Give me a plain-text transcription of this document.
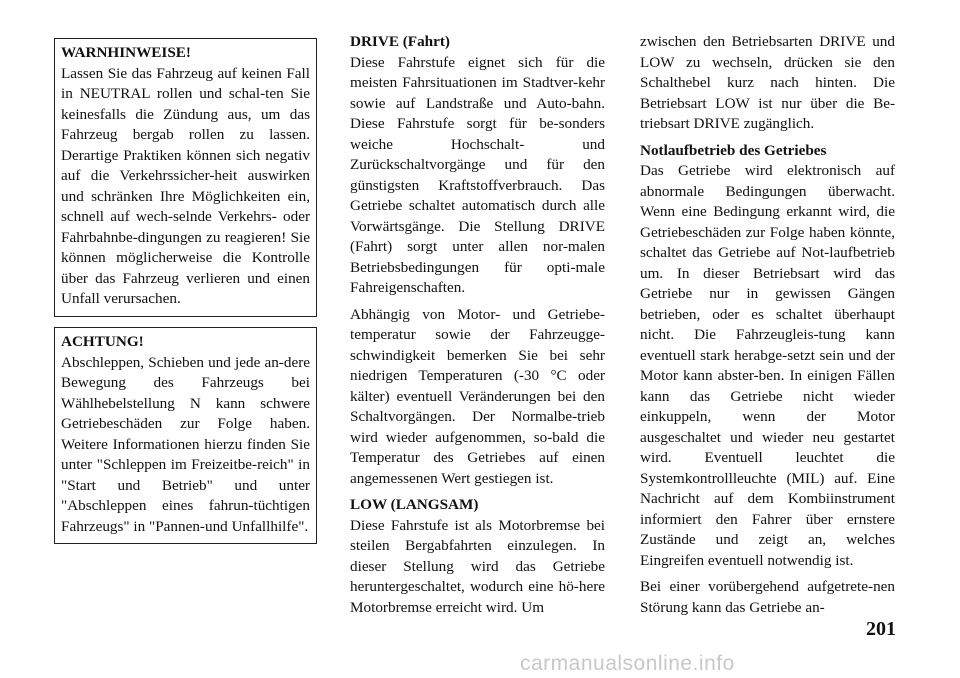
WARNHINWEISE!

Lassen Sie das Fahrzeug auf keinen Fall in NEUTRAL rollen und schal-ten Sie keinesfalls die Zündung aus, um das Fahrzeug bergab rollen zu lassen. Derartige Praktiken können sich negativ auf die Verkehrssicher-heit auswirken und schränken Ihre Möglichkeiten ein, schnell auf wech-selnde Verkehrs- oder Fahrbahnbe-dingungen zu reagieren! Sie können möglicherweise die Kontrolle über das Fahrzeug verlieren und einen Unfall verursachen.

ACHTUNG!

Abschleppen, Schieben und jede an-dere Bewegung des Fahrzeugs bei Wählhebelstellung N kann schwere Getriebeschäden zur Folge haben. Weitere Informationen hierzu finden Sie unter "Schleppen im Freizeitbe-reich" in "Start und Betrieb" und unter "Abschleppen eines fahrun-tüchtigen Fahrzeugs" in "Pannen-und Unfallhilfe".

DRIVE (Fahrt)

Diese Fahrstufe eignet sich für die meisten Fahrsituationen im Stadtver-kehr sowie auf Landstraße und Auto-bahn. Diese Fahrstufe sorgt für be-sonders weiche Hochschalt- und Zurückschaltvorgänge und für den günstigsten Kraftstoffverbrauch. Das Getriebe schaltet automatisch durch alle Vorwärtsgänge. Die Stellung DRIVE (Fahrt) sorgt unter allen nor-malen Betriebsbedingungen für opti-male Fahreigenschaften.

Abhängig von Motor- und Getriebe-temperatur sowie der Fahrzeugge-schwindigkeit bemerken Sie bei sehr niedrigen Temperaturen (-30 °C oder kälter) eventuell Veränderungen bei den Schaltvorgängen. Der Normalbe-trieb wird wieder aufgenommen, so-bald die Temperatur des Getriebes auf einen angemessenen Wert gestiegen ist.

LOW (LANGSAM)

Diese Fahrstufe ist als Motorbremse bei steilen Bergabfahrten einzulegen. In dieser Stellung wird das Getriebe heruntergeschaltet, wodurch eine hö-here Motorbremse erreicht wird. Um

zwischen den Betriebsarten DRIVE und LOW zu wechseln, drücken sie den Schalthebel kurz nach hinten. Die Betriebsart LOW ist nur über die Be-triebsart DRIVE zugänglich.

Notlaufbetrieb des Getriebes

Das Getriebe wird elektronisch auf abnormale Bedingungen überwacht. Wenn eine Bedingung erkannt wird, die Getriebeschäden zur Folge haben könnte, schaltet das Getriebe auf Not-laufbetrieb um. In dieser Betriebsart wird das Getriebe nur in gewissen Gängen betrieben, oder es schaltet überhaupt nicht. Die Fahrzeugleis-tung kann eventuell stark herabge-setzt sein und der Motor kann abster-ben. In einigen Fällen kann das Getriebe nicht wieder einkuppeln, wenn der Motor ausgeschaltet und wieder neu gestartet wird. Eventuell leuchtet die Systemkontrollleuchte (MIL) auf. Eine Nachricht auf dem Kombiinstrument informiert den Fahrer über ernstere Zustände und zeigt an, welches Eingreifen eventuell notwendig ist.

Bei einer vorübergehend aufgetrete-nen Störung kann das Getriebe an-

201
carmanualsonline.info
